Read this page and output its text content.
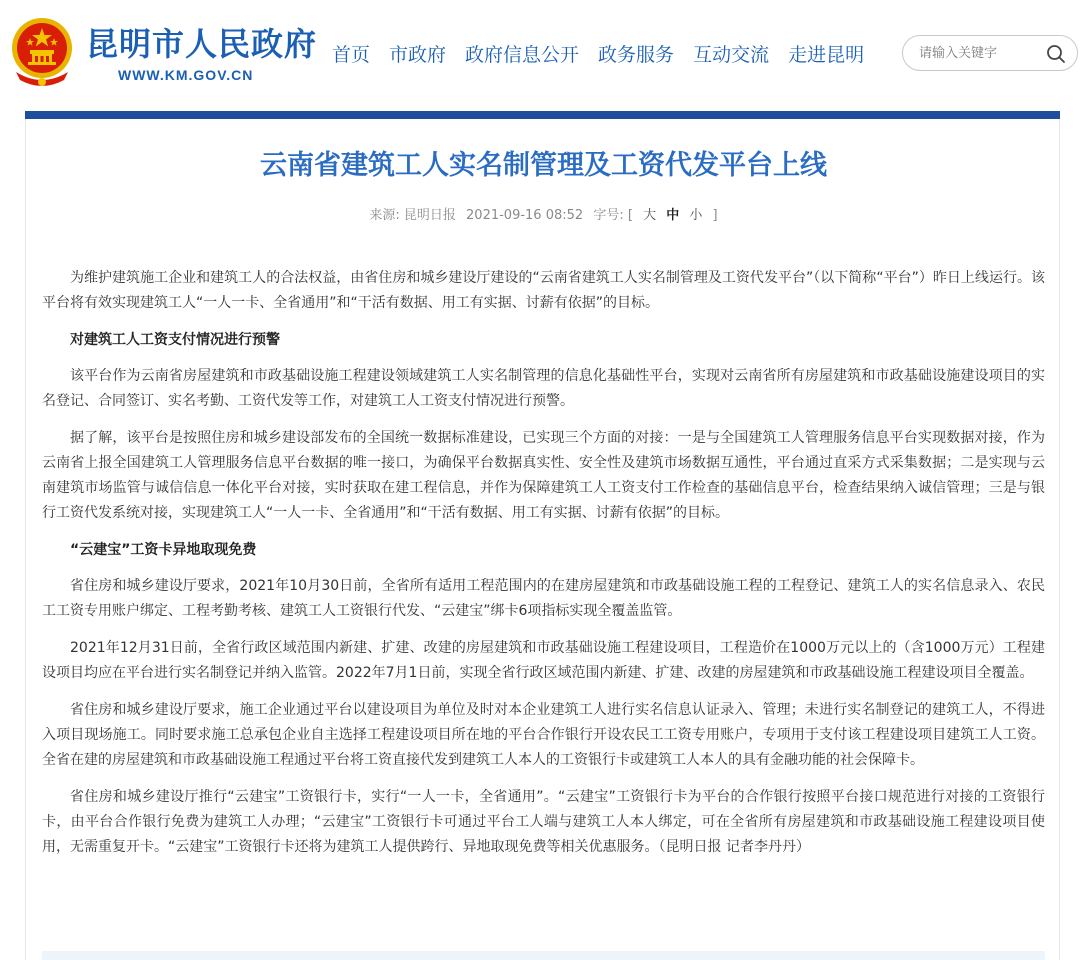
昆明市人民政府
WWW.KM.GOV.CN
首页 市政府 政府信息公开 政务服务 互动交流 走进昆明
请输入关键字
云南省建筑工人实名制管理及工资代发平台上线
来源: 昆明日报 2021-09-16 08:52 字号: [ 大 中 小 ]

为维护建筑施工企业和建筑工人的合法权益，由省住房和城乡建设厅建设的“云南省建筑工人实名制管理及工资代发平台”（以下简称“平台”）昨日上线运行。该平台将有效实现建筑工人“一人一卡、全省通用”和“干活有数据、用工有实据、讨薪有依据”的目标。

对建筑工人工资支付情况进行预警

该平台作为云南省房屋建筑和市政基础设施工程建设领域建筑工人实名制管理的信息化基础性平台，实现对云南省所有房屋建筑和市政基础设施建设项目的实名登记、合同签订、实名考勤、工资代发等工作，对建筑工人工资支付情况进行预警。

据了解，该平台是按照住房和城乡建设部发布的全国统一数据标准建设，已实现三个方面的对接：一是与全国建筑工人管理服务信息平台实现数据对接，作为云南省上报全国建筑工人管理服务信息平台数据的唯一接口，为确保平台数据真实性、安全性及建筑市场数据互通性，平台通过直采方式采集数据；二是实现与云南建筑市场监管与诚信信息一体化平台对接，实时获取在建工程信息，并作为保障建筑工人工资支付工作检查的基础信息平台，检查结果纳入诚信管理；三是与银行工资代发系统对接，实现建筑工人“一人一卡、全省通用”和“干活有数据、用工有实据、讨薪有依据”的目标。

“云建宝”工资卡异地取现免费

省住房和城乡建设厅要求，2021年10月30日前，全省所有适用工程范围内的在建房屋建筑和市政基础设施工程的工程登记、建筑工人的实名信息录入、农民工工资专用账户绑定、工程考勤考核、建筑工人工资银行代发、“云建宝”绑卡6项指标实现全覆盖监管。

2021年12月31日前，全省行政区域范围内新建、扩建、改建的房屋建筑和市政基础设施工程建设项目，工程造价在1000万元以上的（含1000万元）工程建设项目均应在平台进行实名制登记并纳入监管。2022年7月1日前，实现全省行政区域范围内新建、扩建、改建的房屋建筑和市政基础设施工程建设项目全覆盖。

省住房和城乡建设厅要求，施工企业通过平台以建设项目为单位及时对本企业建筑工人进行实名信息认证录入、管理；未进行实名制登记的建筑工人，不得进入项目现场施工。同时要求施工总承包企业自主选择工程建设项目所在地的平台合作银行开设农民工工资专用账户，专项用于支付该工程建设项目建筑工人工资。全省在建的房屋建筑和市政基础设施工程通过平台将工资直接代发到建筑工人本人的工资银行卡或建筑工人本人的具有金融功能的社会保障卡。

省住房和城乡建设厅推行“云建宝”工资银行卡，实行“一人一卡，全省通用”。“云建宝”工资银行卡为平台的合作银行按照平台接口规范进行对接的工资银行卡，由平台合作银行免费为建筑工人办理；“云建宝”工资银行卡可通过平台工人端与建筑工人本人绑定，可在全省所有房屋建筑和市政基础设施工程建设项目使用，无需重复开卡。“云建宝”工资银行卡还将为建筑工人提供跨行、异地取现免费等相关优惠服务。（昆明日报 记者李丹丹）
